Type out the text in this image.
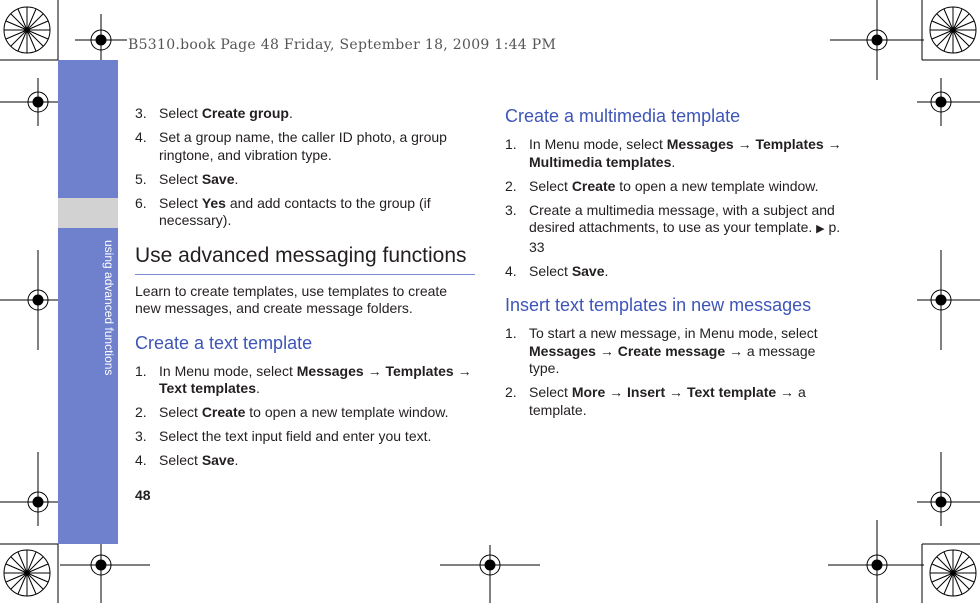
B5310.book Page 48 Friday, September 18, 2009 1:44 PM
using advanced functions
48
3. Select Create group.
4. Set a group name, the caller ID photo, a group ringtone, and vibration type.
5. Select Save.
6. Select Yes and add contacts to the group (if necessary).
Use advanced messaging functions
Learn to create templates, use templates to create new messages, and create message folders.
Create a text template
1. In Menu mode, select Messages → Templates → Text templates.
2. Select Create to open a new template window.
3. Select the text input field and enter you text.
4. Select Save.
Create a multimedia template
1. In Menu mode, select Messages → Templates → Multimedia templates.
2. Select Create to open a new template window.
3. Create a multimedia message, with a subject and desired attachments, to use as your template. ▶ p. 33
4. Select Save.
Insert text templates in new messages
1. To start a new message, in Menu mode, select Messages → Create message → a message type.
2. Select More → Insert → Text template → a template.
